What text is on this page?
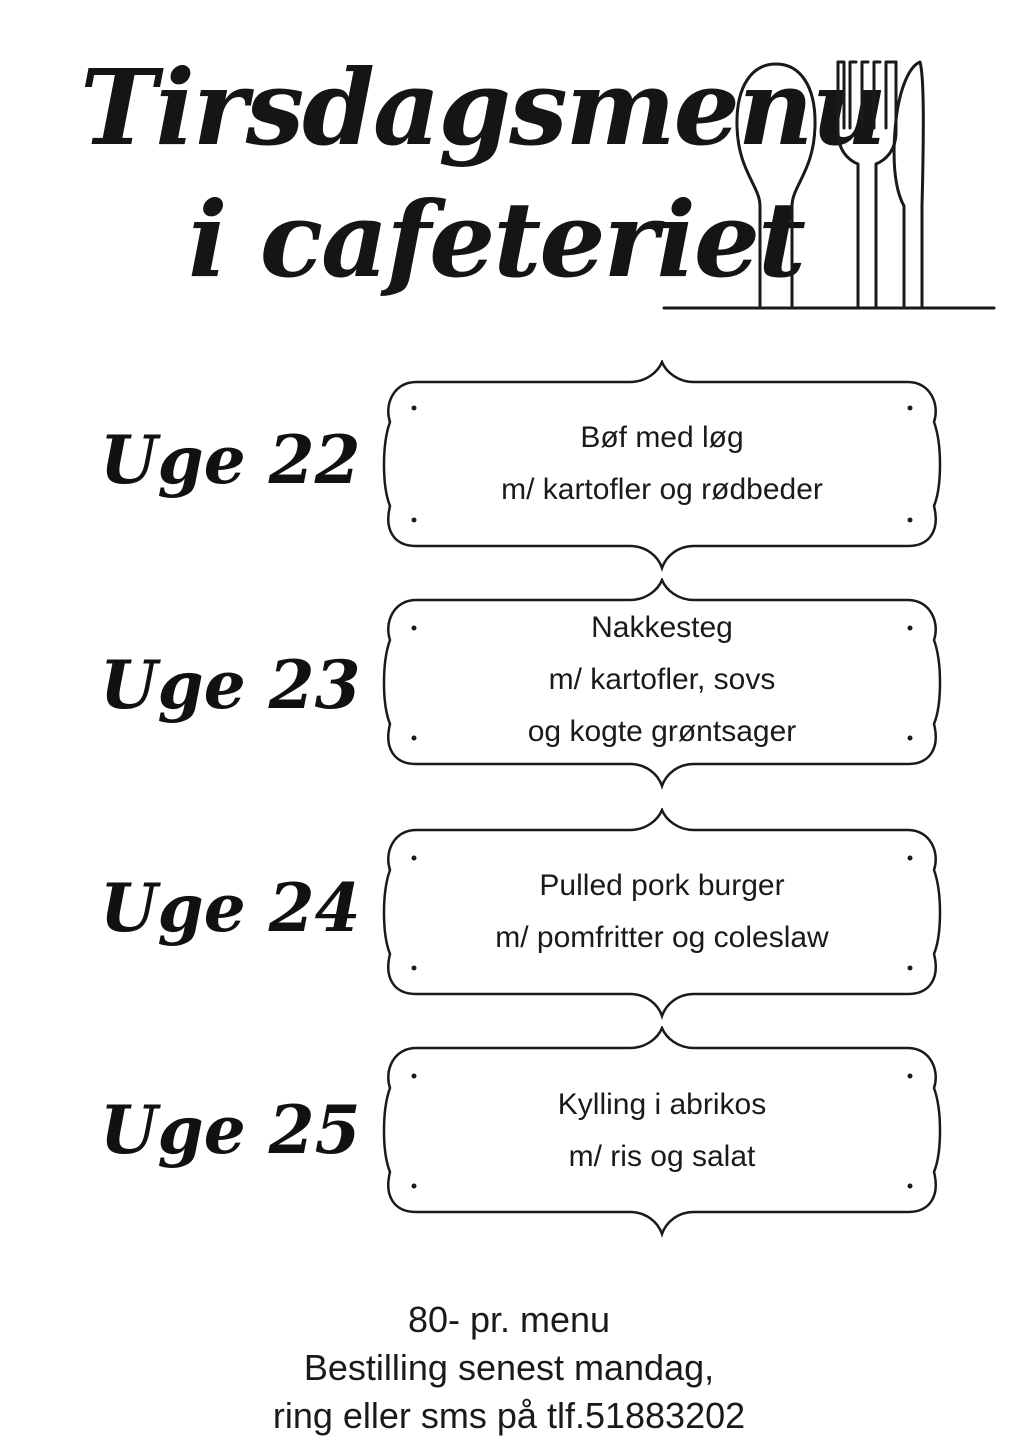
Tirsdagsmenu
i cafeteriet
Uge 22	Bøf med løg
m/ kartofler og rødbeder
Uge 23
Nakkesteg
m/ kartofler, sovs
og kogte grøntsager
Uge 24	Pulled pork burger
m/ pomfritter og coleslaw
Uge 25	Kylling i abrikos
m/ ris og salat
80- pr. menu
Bestilling senest mandag,
ring eller sms på tlf.51883202
